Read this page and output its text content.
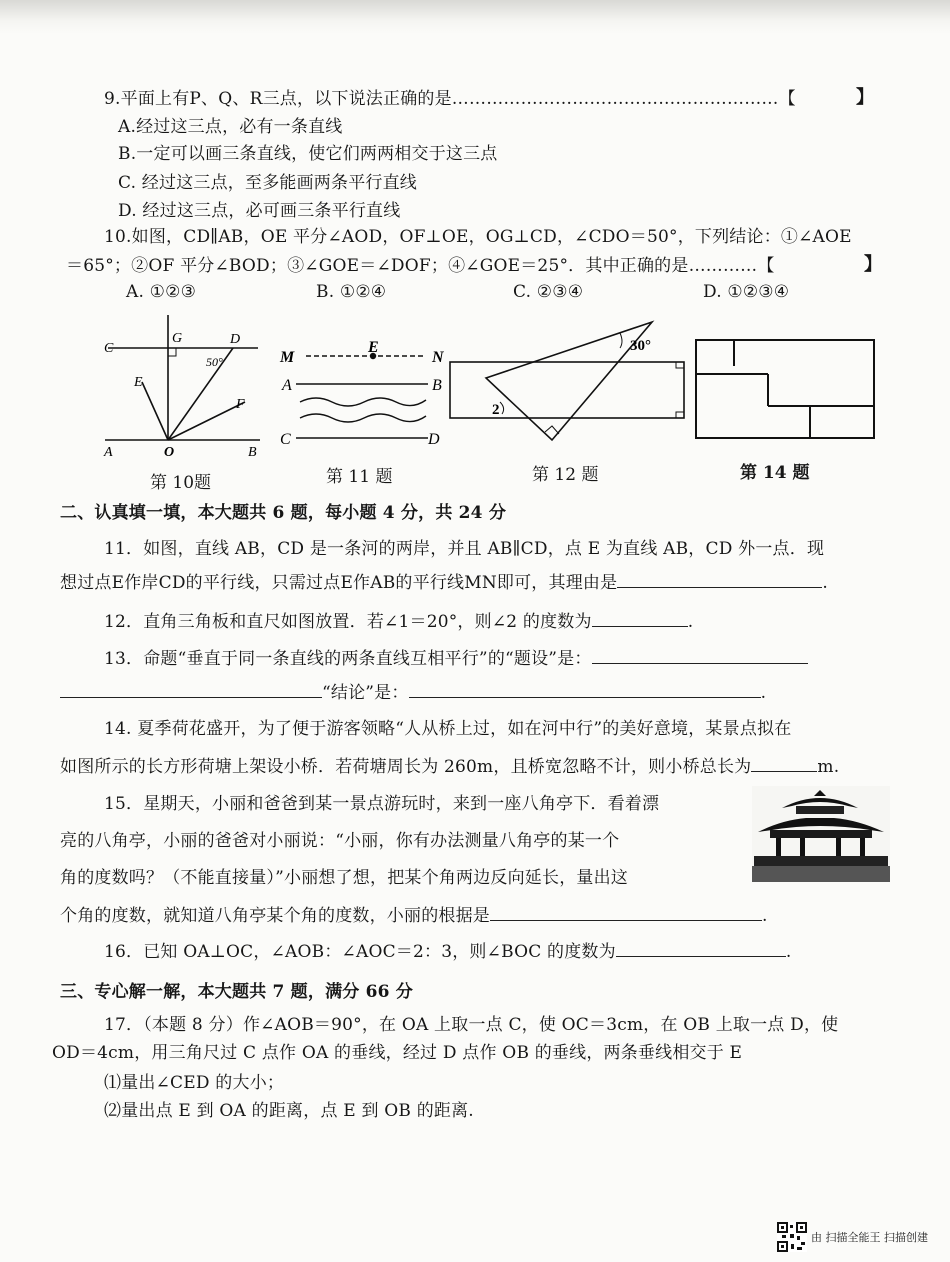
9.平面上有P、Q、R三点，以下说法正确的是…………………………………………………【	】
A.经过这三点，必有一条直线
B.一定可以画三条直线，使它们两两相交于这三点
C. 经过这三点，至多能画两条平行直线
D. 经过这三点，必可画三条平行直线
10.如图，CD∥AB，OE 平分∠AOD，OF⊥OE，OG⊥CD，∠CDO＝50°，下列结论：①∠AOE
＝65°；②OF 平分∠BOD；③∠GOE＝∠DOF；④∠GOE＝25°．其中正确的是…………【	】
A. ①②③	B. ①②④	C. ②③④	D. ①②③④
C
G	D
50°
E
F
A	O	B
第 10题
M
E
N
A	B
C	D
第 11 题
30°
2
第 12 题	第 14 题
二、认真填一填，本大题共 6 题，每小题 4 分，共 24 分
11．如图，直线 AB，CD 是一条河的两岸，并且 AB∥CD，点 E 为直线 AB，CD 外一点．现
想过点E作岸CD的平行线，只需过点E作AB的平行线MN即可，其理由是	.
12．直角三角板和直尺如图放置．若∠1＝20°，则∠2 的度数为	.
13．命题“垂直于同一条直线的两条直线互相平行”的“题设”是：
“结论”是：	.
14. 夏季荷花盛开，为了便于游客领略“人从桥上过，如在河中行”的美好意境，某景点拟在
如图所示的长方形荷塘上架设小桥．若荷塘周长为 260m，且桥宽忽略不计，则小桥总长为	m.
15．星期天，小丽和爸爸到某一景点游玩时，来到一座八角亭下．看着漂
亮的八角亭，小丽的爸爸对小丽说：“小丽，你有办法测量八角亭的某一个
角的度数吗？（不能直接量）”小丽想了想，把某个角两边反向延长，量出这
个角的度数，就知道八角亭某个角的度数，小丽的根据是	.
16．已知 OA⊥OC，∠AOB：∠AOC＝2：3，则∠BOC 的度数为	.
三、专心解一解，本大题共 7 题，满分 66 分
17．（本题 8 分）作∠AOB＝90°，在 OA 上取一点 C，使 OC＝3cm，在 OB 上取一点 D，使
OD＝4cm，用三角尺过 C 点作 OA 的垂线，经过 D 点作 OB 的垂线，两条垂线相交于 E
⑴量出∠CED 的大小；
⑵量出点 E 到 OA 的距离，点 E 到 OB 的距离.
由 扫描全能王 扫描创建
